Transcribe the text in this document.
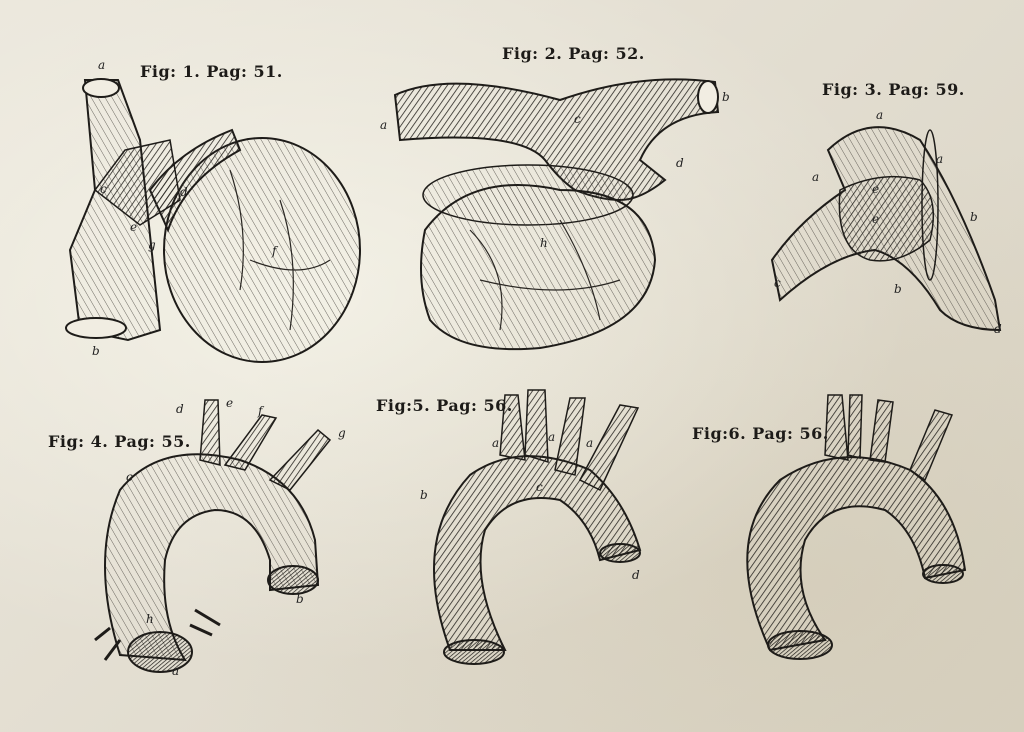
Fig: 1. Pag: 51.
Fig: 2. Pag: 52.
Fig: 3. Pag: 59.
Fig: 4. Pag: 55.
Fig:5. Pag: 56.
Fig:6. Pag: 56.
a
b
c	d
e
g	f
a
b
c
d
h
a
a
a
b
b
c
d
e
e
d	e
f
g
c
b
h
a
a	a	a
b
c
d
